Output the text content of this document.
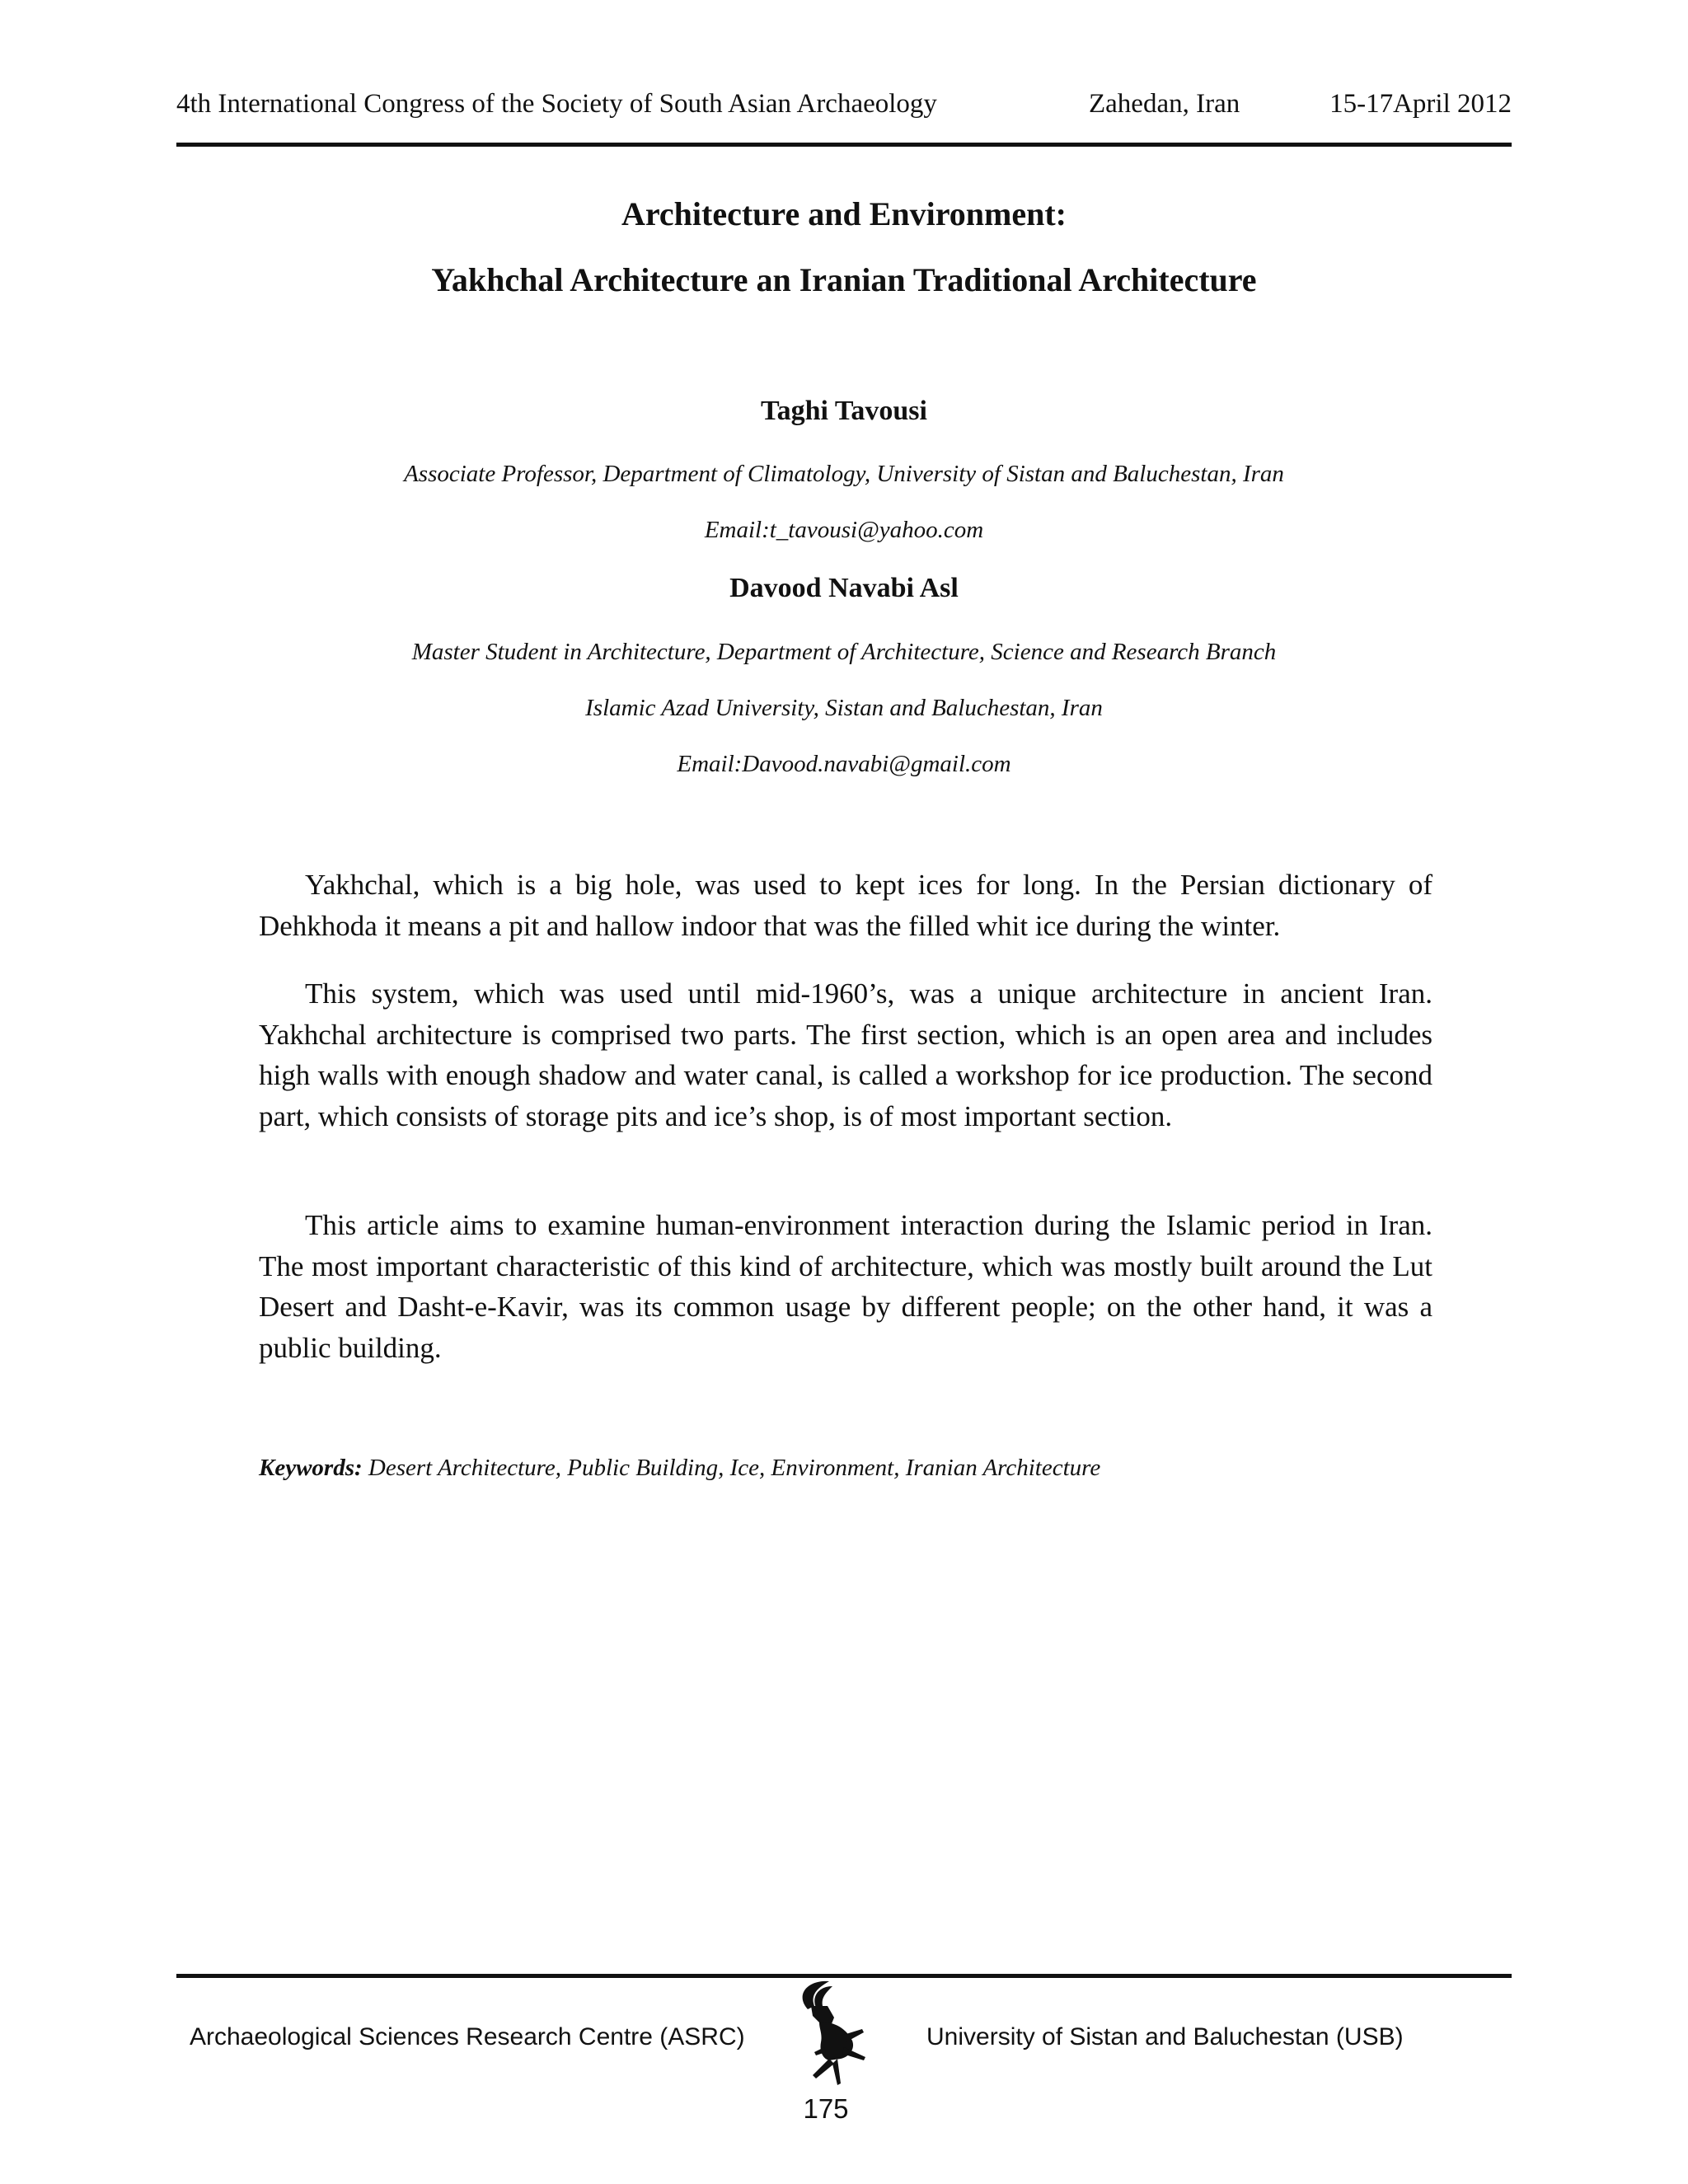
4th International Congress of the Society of South Asian Archaeology	Zahedan, Iran	15-17April 2012
Architecture and Environment:
Yakhchal Architecture an Iranian Traditional Architecture
Taghi Tavousi
Associate Professor, Department of Climatology, University of Sistan and Baluchestan, Iran
Email:t_tavousi@yahoo.com
Davood Navabi Asl
Master Student in Architecture, Department of Architecture, Science and Research Branch
Islamic Azad University, Sistan and Baluchestan, Iran
Email:Davood.navabi@gmail.com

Yakhchal, which is a big hole, was used to kept ices for long. In the Persian dictionary of Dehkhoda it means a pit and hallow indoor that was the filled whit ice during the winter.

This system, which was used until mid-1960’s, was a unique architecture in ancient Iran. Yakhchal architecture is comprised two parts. The first section, which is an open area and includes high walls with enough shadow and water canal, is called a workshop for ice production. The second part, which consists of storage pits and ice’s shop, is of most important section.

This article aims to examine human-environment interaction during the Islamic period in Iran. The most important characteristic of this kind of architecture, which was mostly built around the Lut Desert and Dasht-e-Kavir, was its common usage by different people; on the other hand, it was a public building.

Keywords: Desert Architecture, Public Building, Ice, Environment, Iranian Architecture
Archaeological Sciences Research Centre (ASRC)	University of Sistan and Baluchestan (USB)
175
